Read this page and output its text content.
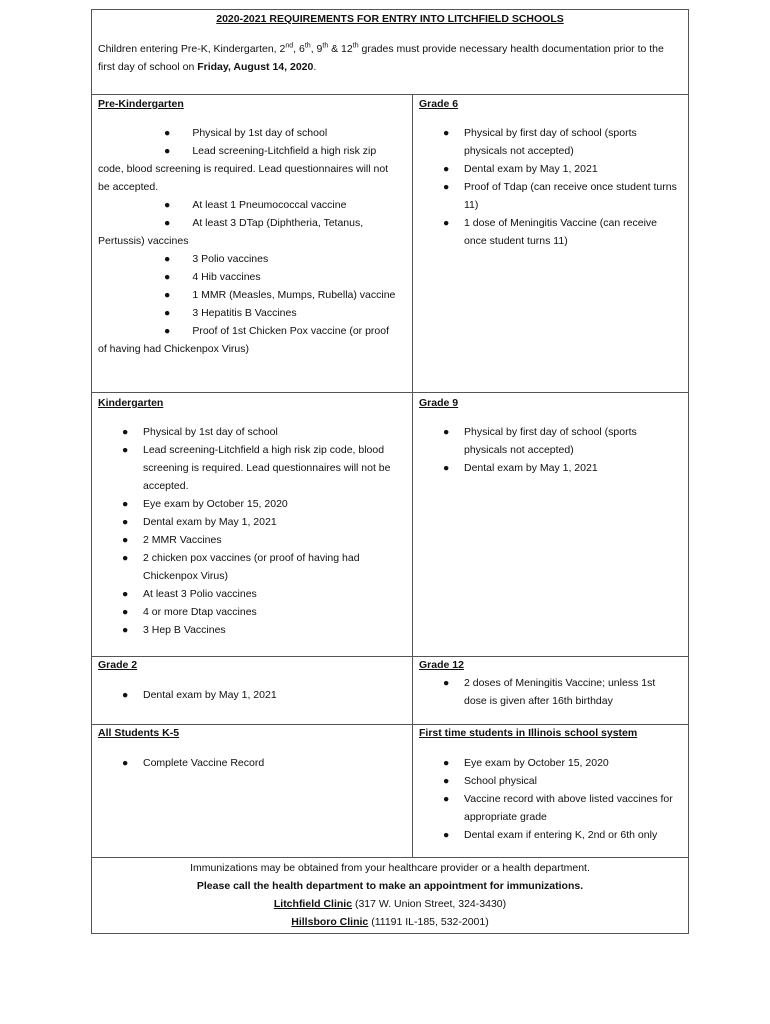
2020-2021 REQUIREMENTS FOR ENTRY INTO LITCHFIELD SCHOOLS
Children entering Pre-K, Kindergarten, 2nd, 6th, 9th & 12th grades must provide necessary health documentation prior to the first day of school on Friday, August 14, 2020.
Pre-Kindergarten
● Physical by 1st day of school
● Lead screening-Litchfield a high risk zip code, blood screening is required. Lead questionnaires will not be accepted.
● At least 1 Pneumococcal vaccine
● At least 3 DTap (Diphtheria, Tetanus, Pertussis) vaccines
● 3 Polio vaccines
● 4 Hib vaccines
● 1 MMR (Measles, Mumps, Rubella) vaccine
● 3 Hepatitis B Vaccines
● Proof of 1st Chicken Pox vaccine (or proof of having had Chickenpox Virus)
Grade 6
● Physical by first day of school (sports physicals not accepted)
● Dental exam by May 1, 2021
● Proof of Tdap (can receive once student turns 11)
● 1 dose of Meningitis Vaccine (can receive once student turns 11)
Kindergarten
● Physical by 1st day of school
● Lead screening-Litchfield a high risk zip code, blood screening is required. Lead questionnaires will not be accepted.
● Eye exam by October 15, 2020
● Dental exam by May 1, 2021
● 2 MMR Vaccines
● 2 chicken pox vaccines (or proof of having had Chickenpox Virus)
● At least 3 Polio vaccines
● 4 or more Dtap vaccines
● 3 Hep B Vaccines
Grade 9
● Physical by first day of school (sports physicals not accepted)
● Dental exam by May 1, 2021
Grade 2
● Dental exam by May 1, 2021
Grade 12
● 2 doses of Meningitis Vaccine; unless 1st dose is given after 16th birthday
All Students K-5
● Complete Vaccine Record
First time students in Illinois school system
● Eye exam by October 15, 2020
● School physical
● Vaccine record with above listed vaccines for appropriate grade
● Dental exam if entering K, 2nd or 6th only
Immunizations may be obtained from your healthcare provider or a health department.
Please call the health department to make an appointment for immunizations.
Litchfield Clinic (317 W. Union Street, 324-3430)
Hillsboro Clinic (11191 IL-185, 532-2001)
